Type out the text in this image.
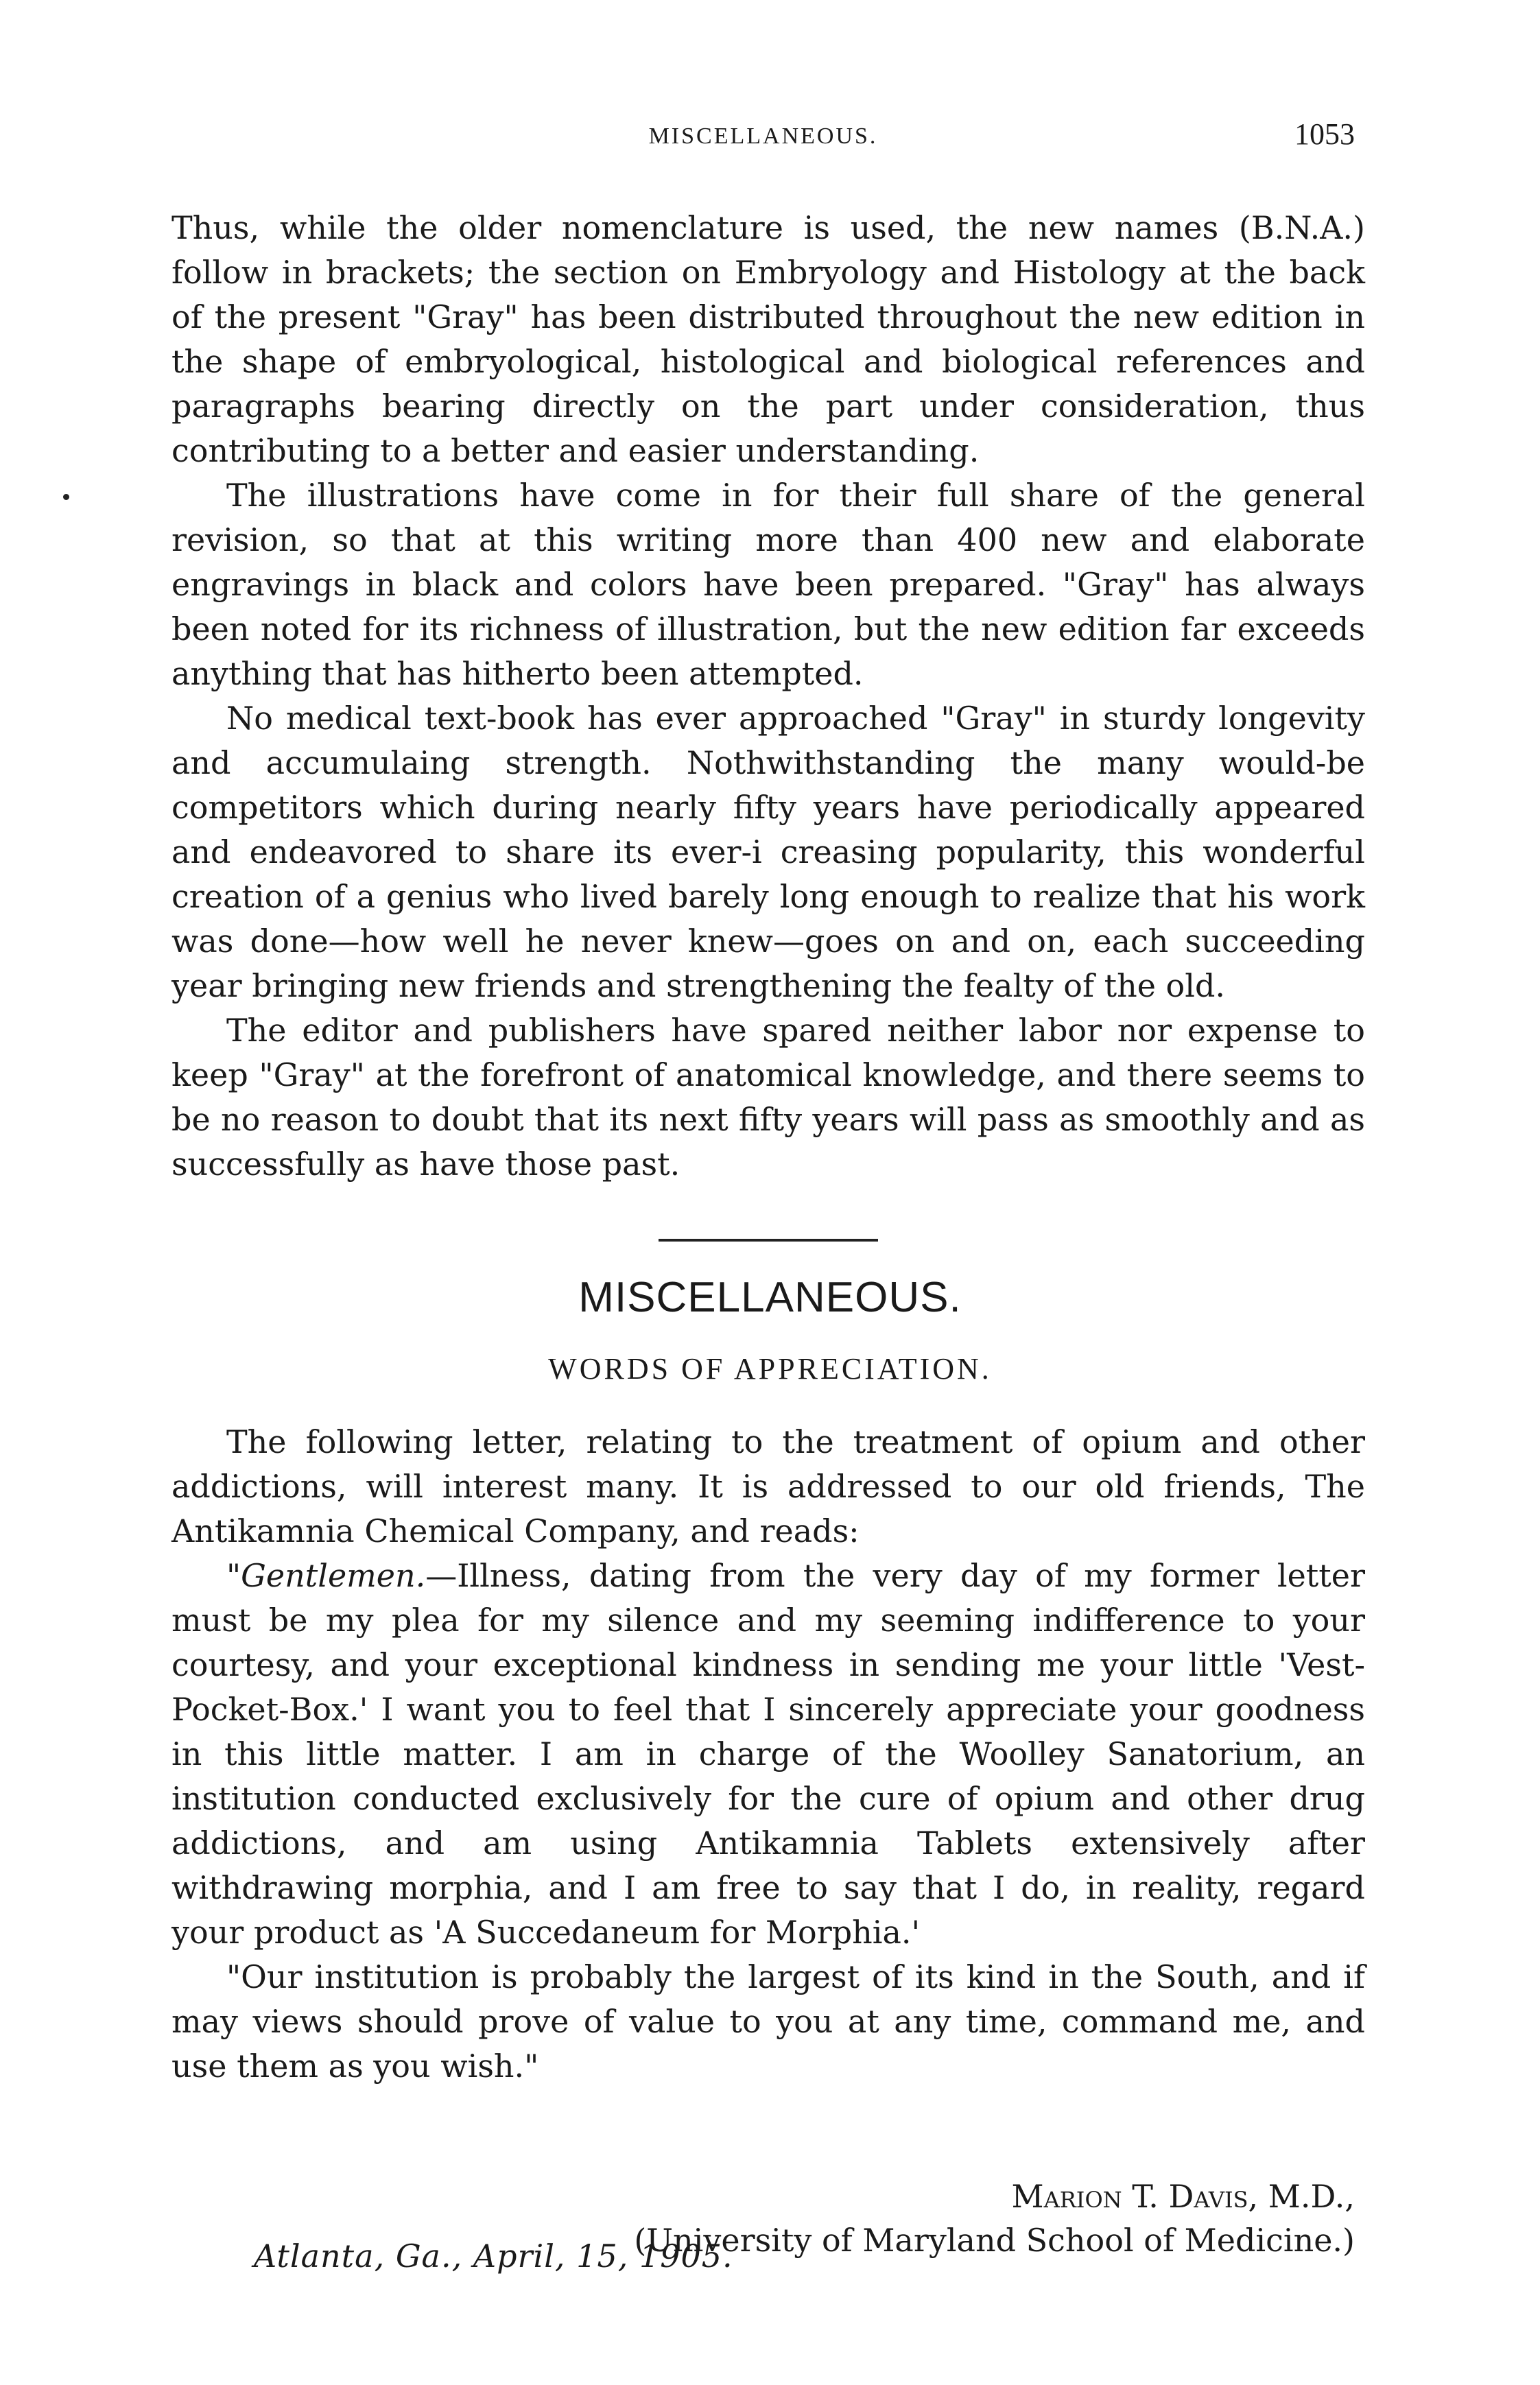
MISCELLANEOUS.	1053

Thus, while the older nomenclature is used, the new names (B.N.A.) follow in brackets; the section on Embryology and Histology at the back of the present "Gray" has been distributed throughout the new edition in the shape of embryological, histological and biological references and paragraphs bearing directly on the part under consideration, thus contributing to a better and easier understanding.

The illustrations have come in for their full share of the general revision, so that at this writing more than 400 new and elaborate engravings in black and colors have been prepared. "Gray" has always been noted for its richness of illustration, but the new edition far exceeds anything that has hitherto been attempted.

No medical text-book has ever approached "Gray" in sturdy longevity and accumulaing strength. Nothwithstanding the many would-be competitors which during nearly fifty years have periodically appeared and endeavored to share its ever-i creasing popularity, this wonderful creation of a genius who lived barely long enough to realize that his work was done—how well he never knew—goes on and on, each succeeding year bringing new friends and strengthening the fealty of the old.

The editor and publishers have spared neither labor nor expense to keep "Gray" at the forefront of anatomical knowledge, and there seems to be no reason to doubt that its next fifty years will pass as smoothly and as successfully as have those past.

MISCELLANEOUS.
WORDS OF APPRECIATION.

The following letter, relating to the treatment of opium and other addictions, will interest many. It is addressed to our old friends, The Antikamnia Chemical Company, and reads:

"Gentlemen.—Illness, dating from the very day of my former letter must be my plea for my silence and my seeming indifference to your courtesy, and your exceptional kindness in sending me your little 'Vest-Pocket-Box.' I want you to feel that I sincerely appreciate your goodness in this little matter. I am in charge of the Woolley Sanatorium, an institution conducted exclusively for the cure of opium and other drug addictions, and am using Antikamnia Tablets extensively after withdrawing morphia, and I am free to say that I do, in reality, regard your product as 'A Succedaneum for Morphia.'

"Our institution is probably the largest of its kind in the South, and if may views should prove of value to you at any time, command me, and use them as you wish."

Marion T. Davis, M.D.,
(University of Maryland School of Medicine.)
Atlanta, Ga., April, 15, 1905.
